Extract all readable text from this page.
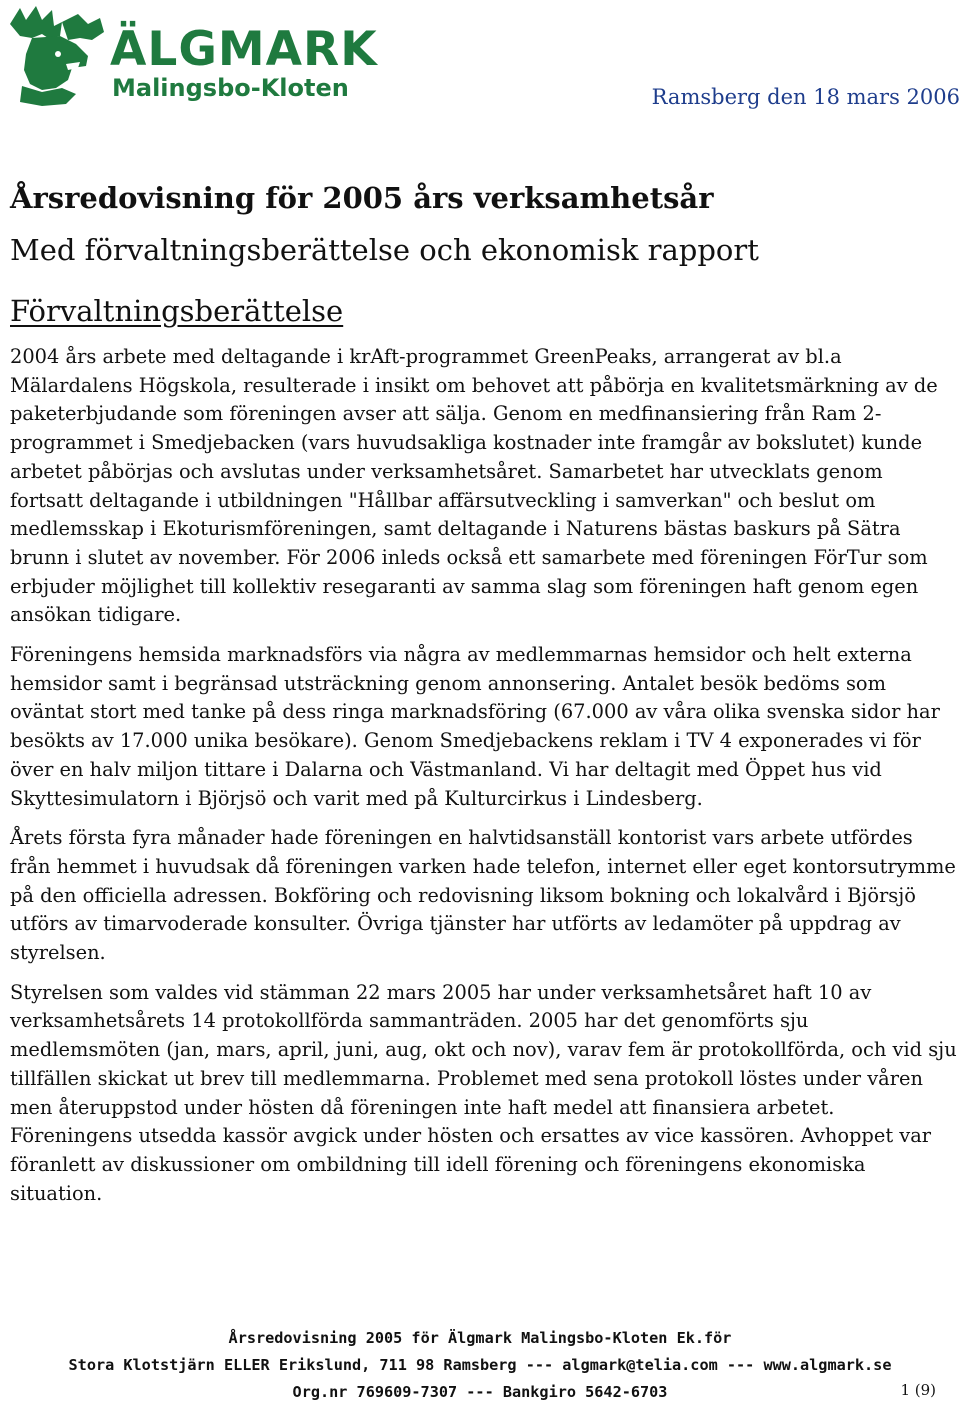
ÄLGMARK
Malingsbo-Kloten	Ramsberg den 18 mars 2006
Årsredovisning för 2005 års verksamhetsår
Med förvaltningsberättelse och ekonomisk rapport
Förvaltningsberättelse

2004 års arbete med deltagande i krAft-programmet GreenPeaks, arrangerat av bl.a Mälardalens Högskola, resulterade i insikt om behovet att påbörja en kvalitetsmärkning av de paketerbjudande som föreningen avser att sälja. Genom en medfinansiering från Ram 2-programmet i Smedjebacken (vars huvudsakliga kostnader inte framgår av bokslutet) kunde arbetet påbörjas och avslutas under verksamhetsåret. Samarbetet har utvecklats genom fortsatt deltagande i utbildningen "Hållbar affärsutveckling i samverkan" och beslut om medlemsskap i Ekoturismföreningen, samt deltagande i Naturens bästas baskurs på Sätra brunn i slutet av november. För 2006 inleds också ett samarbete med föreningen FörTur som erbjuder möjlighet till kollektiv resegaranti av samma slag som föreningen haft genom egen ansökan tidigare.

Föreningens hemsida marknadsförs via några av medlemmarnas hemsidor och helt externa hemsidor samt i begränsad utsträckning genom annonsering. Antalet besök bedöms som oväntat stort med tanke på dess ringa marknadsföring (67.000 av våra olika svenska sidor har besökts av 17.000 unika besökare). Genom Smedjebackens reklam i TV 4 exponerades vi för över en halv miljon tittare i Dalarna och Västmanland. Vi har deltagit med Öppet hus vid Skyttesimulatorn i Björjsö och varit med på Kulturcirkus i Lindesberg.

Årets första fyra månader hade föreningen en halvtidsanställ kontorist vars arbete utfördes från hemmet i huvudsak då föreningen varken hade telefon, internet eller eget kontorsutrymme på den officiella adressen. Bokföring och redovisning liksom bokning och lokalvård i Björsjö utförs av timarvoderade konsulter. Övriga tjänster har utförts av ledamöter på uppdrag av styrelsen.

Styrelsen som valdes vid stämman 22 mars 2005 har under verksamhetsåret haft 10 av verksamhetsårets 14 protokollförda sammanträden. 2005 har det genomförts sju medlemsmöten (jan, mars, april, juni, aug, okt och nov), varav fem är protokollförda, och vid sju tillfällen skickat ut brev till medlemmarna. Problemet med sena protokoll löstes under våren men återuppstod under hösten då föreningen inte haft medel att finansiera arbetet. Föreningens utsedda kassör avgick under hösten och ersattes av vice kassören. Avhoppet var föranlett av diskussioner om ombildning till idell förening och föreningens ekonomiska situation.

Årsredovisning 2005 för Älgmark Malingsbo-Kloten Ek.för
Stora Klotstjärn ELLER Erikslund, 711 98 Ramsberg --- algmark@telia.com --- www.algmark.se
Org.nr 769609-7307 --- Bankgiro 5642-6703	1 (9)
